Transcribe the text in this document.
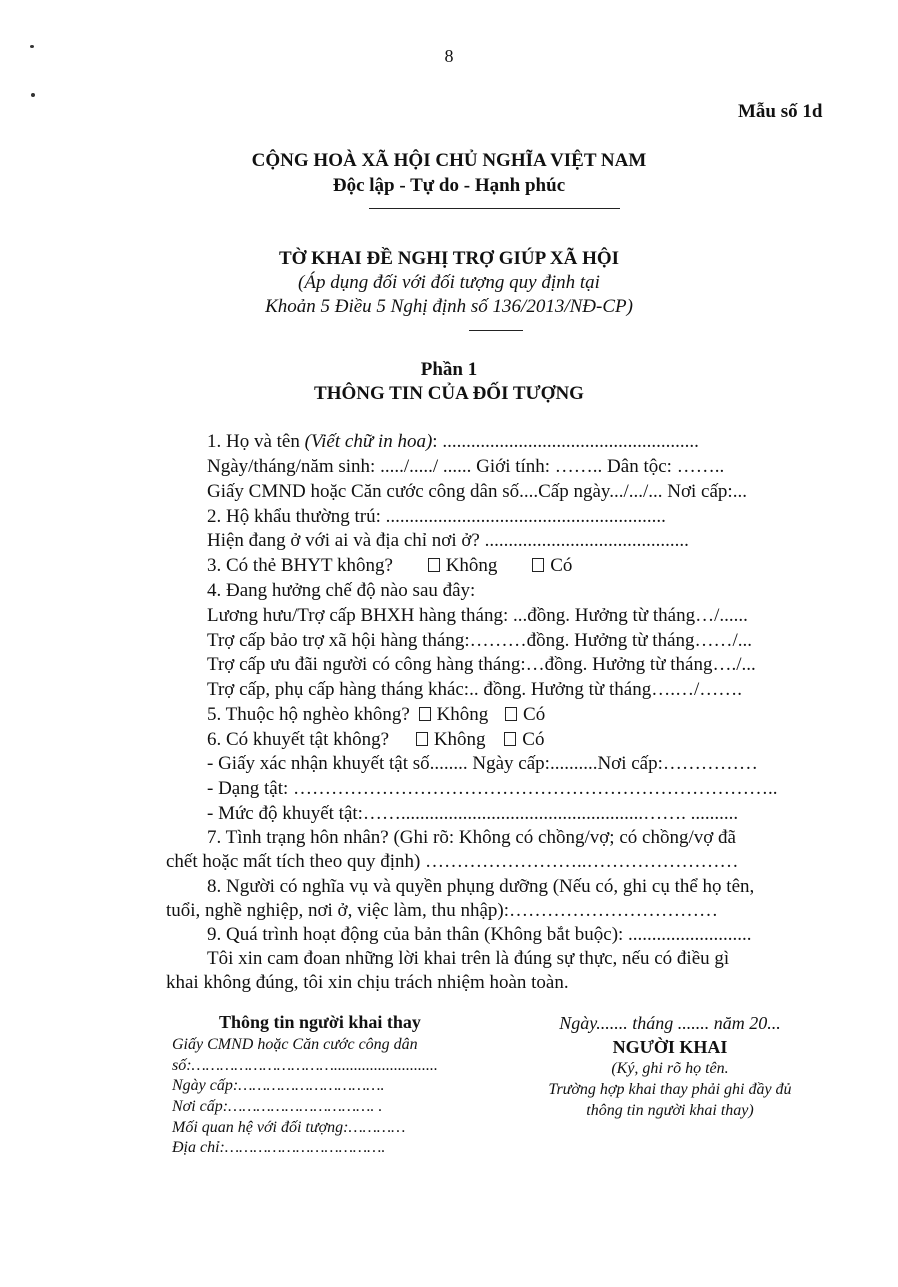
8
Mẫu số 1d
CỘNG HOÀ XÃ HỘI CHỦ NGHĨA VIỆT NAM
Độc lập - Tự do - Hạnh phúc
TỜ KHAI ĐỀ NGHỊ TRỢ GIÚP XÃ HỘI
(Áp dụng đối với đối tượng quy định tại
Khoản 5 Điều 5 Nghị định số 136/2013/NĐ-CP)
Phần 1
THÔNG TIN CỦA ĐỐI TƯỢNG
1. Họ và tên (Viết chữ in hoa): ......................................................
Ngày/tháng/năm sinh: ...../...../ ...... Giới tính: …….. Dân tộc: ……..
Giấy CMND hoặc Căn cước công dân số....Cấp ngày.../.../... Nơi cấp:...
2. Hộ khẩu thường trú: ...........................................................
Hiện đang ở với ai và địa chỉ nơi ở? ...........................................
3. Có thẻ BHYT không?	Không	Có
4. Đang hưởng chế độ nào sau đây:
Lương hưu/Trợ cấp BHXH hàng tháng: ...đồng. Hưởng từ tháng…/......
Trợ cấp bảo trợ xã hội hàng tháng:………đồng. Hưởng từ tháng……/...
Trợ cấp ưu đãi người có công hàng tháng:…đồng. Hưởng từ tháng…./...
Trợ cấp, phụ cấp hàng tháng khác:.. đồng. Hưởng từ tháng….…/…….
5. Thuộc hộ nghèo không? Không Có
6. Có khuyết tật không? Không Có
- Giấy xác nhận khuyết tật số........ Ngày cấp:..........Nơi cấp:……………
- Dạng tật: …………………………………………………………………..
- Mức độ khuyết tật:……...................................................……. ..........
7. Tình trạng hôn nhân? (Ghi rõ: Không có chồng/vợ; có chồng/vợ đã
chết hoặc mất tích theo quy định) ……………………..……………………
8. Người có nghĩa vụ và quyền phụng dưỡng (Nếu có, ghi cụ thể họ tên,
tuổi, nghề nghiệp, nơi ở, việc làm, thu nhập):……………………………
9. Quá trình hoạt động của bản thân (Không bắt buộc): ..........................
Tôi xin cam đoan những lời khai trên là đúng sự thực, nếu có điều gì
khai không đúng, tôi xin chịu trách nhiệm hoàn toàn.
Thông tin người khai thay
Giấy CMND hoặc Căn cước công dân
số:…………………………..........................
Ngày cấp:………………………….
Nơi cấp:…………………………. .
Mối quan hệ với đối tượng:…………
Địa chỉ:…………………………….
Ngày....... tháng ....... năm 20...
NGƯỜI KHAI
(Ký, ghi rõ họ tên.
Trường hợp khai thay phải ghi đầy đủ
thông tin người khai thay)
